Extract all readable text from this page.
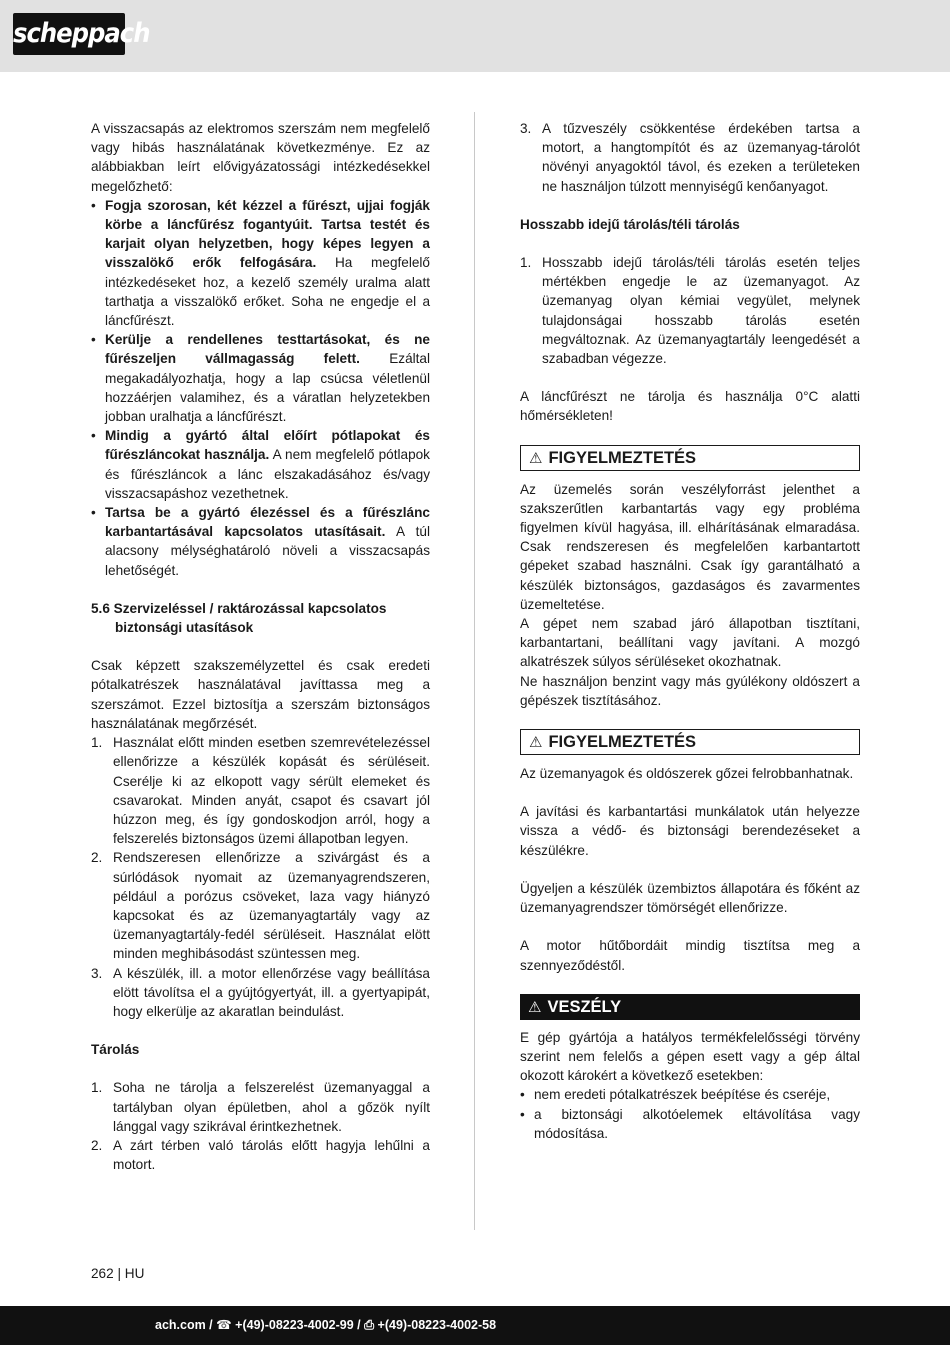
scheppach

A visszacsapás az elektromos szerszám nem megfelelő vagy hibás használatának következménye. Ez az alábbiakban leírt elővigyázatossági intézkedésekkel megelőzhető:

• Fogja szorosan, két kézzel a fűrészt, ujjai fogják körbe a láncfűrész fogantyúit. Tartsa testét és karjait olyan helyzetben, hogy képes legyen a visszalökő erők felfogására. Ha megfelelő intézkedéseket hoz, a kezelő személy uralma alatt tarthatja a visszalökő erőket. Soha ne engedje el a láncfűrészt.
• Kerülje a rendellenes testtartásokat, és ne fűrészeljen vállmagasság felett. Ezáltal megakadályozhatja, hogy a lap csúcsa véletlenül hozzáérjen valamihez, és a váratlan helyzetekben jobban uralhatja a láncfűrészt.
• Mindig a gyártó által előírt pótlapokat és fűrészláncokat használja. A nem megfelelő pótlapok és fűrészláncok a lánc elszakadásához és/vagy visszacsapáshoz vezethetnek.
• Tartsa be a gyártó élezéssel és a fűrészlánc karbantartásával kapcsolatos utasításait. A túl alacsony mélységhatároló növeli a visszacsapás lehetőségét.
5.6 Szervizeléssel / raktározással kapcsolatos
biztonsági utasítások

Csak képzett szakszemélyzettel és csak eredeti pótalkatrészek használatával javíttassa meg a szerszámot. Ezzel biztosítja a szerszám biztonságos használatának megőrzését.

1. Használat előtt minden esetben szemrevételezéssel ellenőrizze a készülék kopását és sérüléseit. Cserélje ki az elkopott vagy sérült elemeket és csavarokat. Minden anyát, csapot és csavart jól húzzon meg, és így gondoskodjon arról, hogy a felszerelés biztonságos üzemi állapotban legyen.
2. Rendszeresen ellenőrizze a szivárgást és a súrlódások nyomait az üzemanyagrendszeren, például a porózus csöveket, laza vagy hiányzó kapcsokat és az üzemanyagtartály vagy az üzemanyagtartály-fedél sérüléseit. Használat elött minden meghibásodást szüntessen meg.
3. A készülék, ill. a motor ellenőrzése vagy beállítása elött távolítsa el a gyújtógyertyát, ill. a gyertyapipát, hogy elkerülje az akaratlan beindulást.

Tárolás

1. Soha ne tárolja a felszerelést üzemanyaggal a tartályban olyan épületben, ahol a gőzök nyílt lánggal vagy szikrával érintkezhetnek.
2. A zárt térben való tárolás előtt hagyja lehűlni a motort.
3. A tűzveszély csökkentése érdekében tartsa a motort, a hangtompítót és az üzemanyag-tárolót növényi anyagoktól távol, és ezeken a területeken ne használjon túlzott mennyiségű kenőanyagot.

Hosszabb idejű tárolás/téli tárolás

1. Hosszabb idejű tárolás/téli tárolás esetén teljes mértékben engedje le az üzemanyagot. Az üzemanyag olyan kémiai vegyület, melynek tulajdonságai hosszabb tárolás esetén megváltoznak. Az üzemanyagtartály leengedését a szabadban végezze.

A láncfűrészt ne tárolja és használja 0°C alatti hőmérsékleten!

⚠ FIGYELMEZTETÉS

Az üzemelés során veszélyforrást jelenthet a szakszerűtlen karbantartás vagy egy probléma figyelmen kívül hagyása, ill. elhárításának elmaradása. Csak rendszeresen és megfelelően karbantartott gépeket szabad használni. Csak így garantálható a készülék biztonságos, gazdaságos és zavarmentes üzemeltetése.

A gépet nem szabad járó állapotban tisztítani, karbantartani, beállítani vagy javítani. A mozgó alkatrészek súlyos sérüléseket okozhatnak.

Ne használjon benzint vagy más gyúlékony oldószert a gépészek tisztításához.

⚠ FIGYELMEZTETÉS

Az üzemanyagok és oldószerek gőzei felrobbanhatnak.

A javítási és karbantartási munkálatok után helyezze vissza a védő- és biztonsági berendezéseket a készülékre.

Ügyeljen a készülék üzembiztos állapotára és főként az üzemanyagrendszer tömörségét ellenőrizze.

A motor hűtőbordáit mindig tisztítsa meg a szennyeződéstől.

⚠ VESZÉLY

E gép gyártója a hatályos termékfelelősségi törvény szerint nem felelős a gépen esett vagy a gép által okozott károkért a következő esetekben:

• nem eredeti pótalkatrészek beépítése és cseréje,
• a biztonsági alkotóelemek eltávolítása vagy módosítása.
262 | HU
ach.com / ☎ +(49)-08223-4002-99 / ⎙ +(49)-08223-4002-58
